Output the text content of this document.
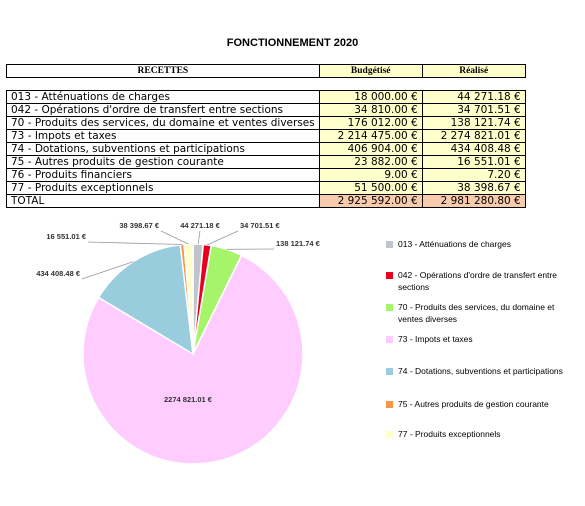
FONCTIONNEMENT 2020
RECETTES	Budgétisé	Réalisé

013 - Atténuations de charges	18 000.00 €	44 271.18 €
042 - Opérations d'ordre de transfert entre sections	34 810.00 €	34 701.51 €
70 - Produits des services, du domaine et ventes diverses	176 012.00 €	138 121.74 €
73 - Impots et taxes	2 214 475.00 €	2 274 821.01 €
74 - Dotations, subventions et participations	406 904.00 €	434 408.48 €
75 - Autres produits de gestion courante	23 882.00 €	16 551.01 €
76 - Produits financiers	9.00 €	7.20 €
77 - Produits exceptionnels	51 500.00 €	38 398.67 €
TOTAL	2 925 592.00 €	2 981 280.80 €
44 271.18 €	34 701.51 €
138 121.74 €
2274 821.01 €
434 408.48 €
16 551.01 €
38 398.67 €
013 - Atténuations de charges
042 - Opérations d'ordre de transfert entre sections
70 - Produits des services, du domaine et ventes diverses
73 - Impots et taxes
74 - Dotations, subventions et participations
75 - Autres produits de gestion courante
77 - Produits exceptionnels
